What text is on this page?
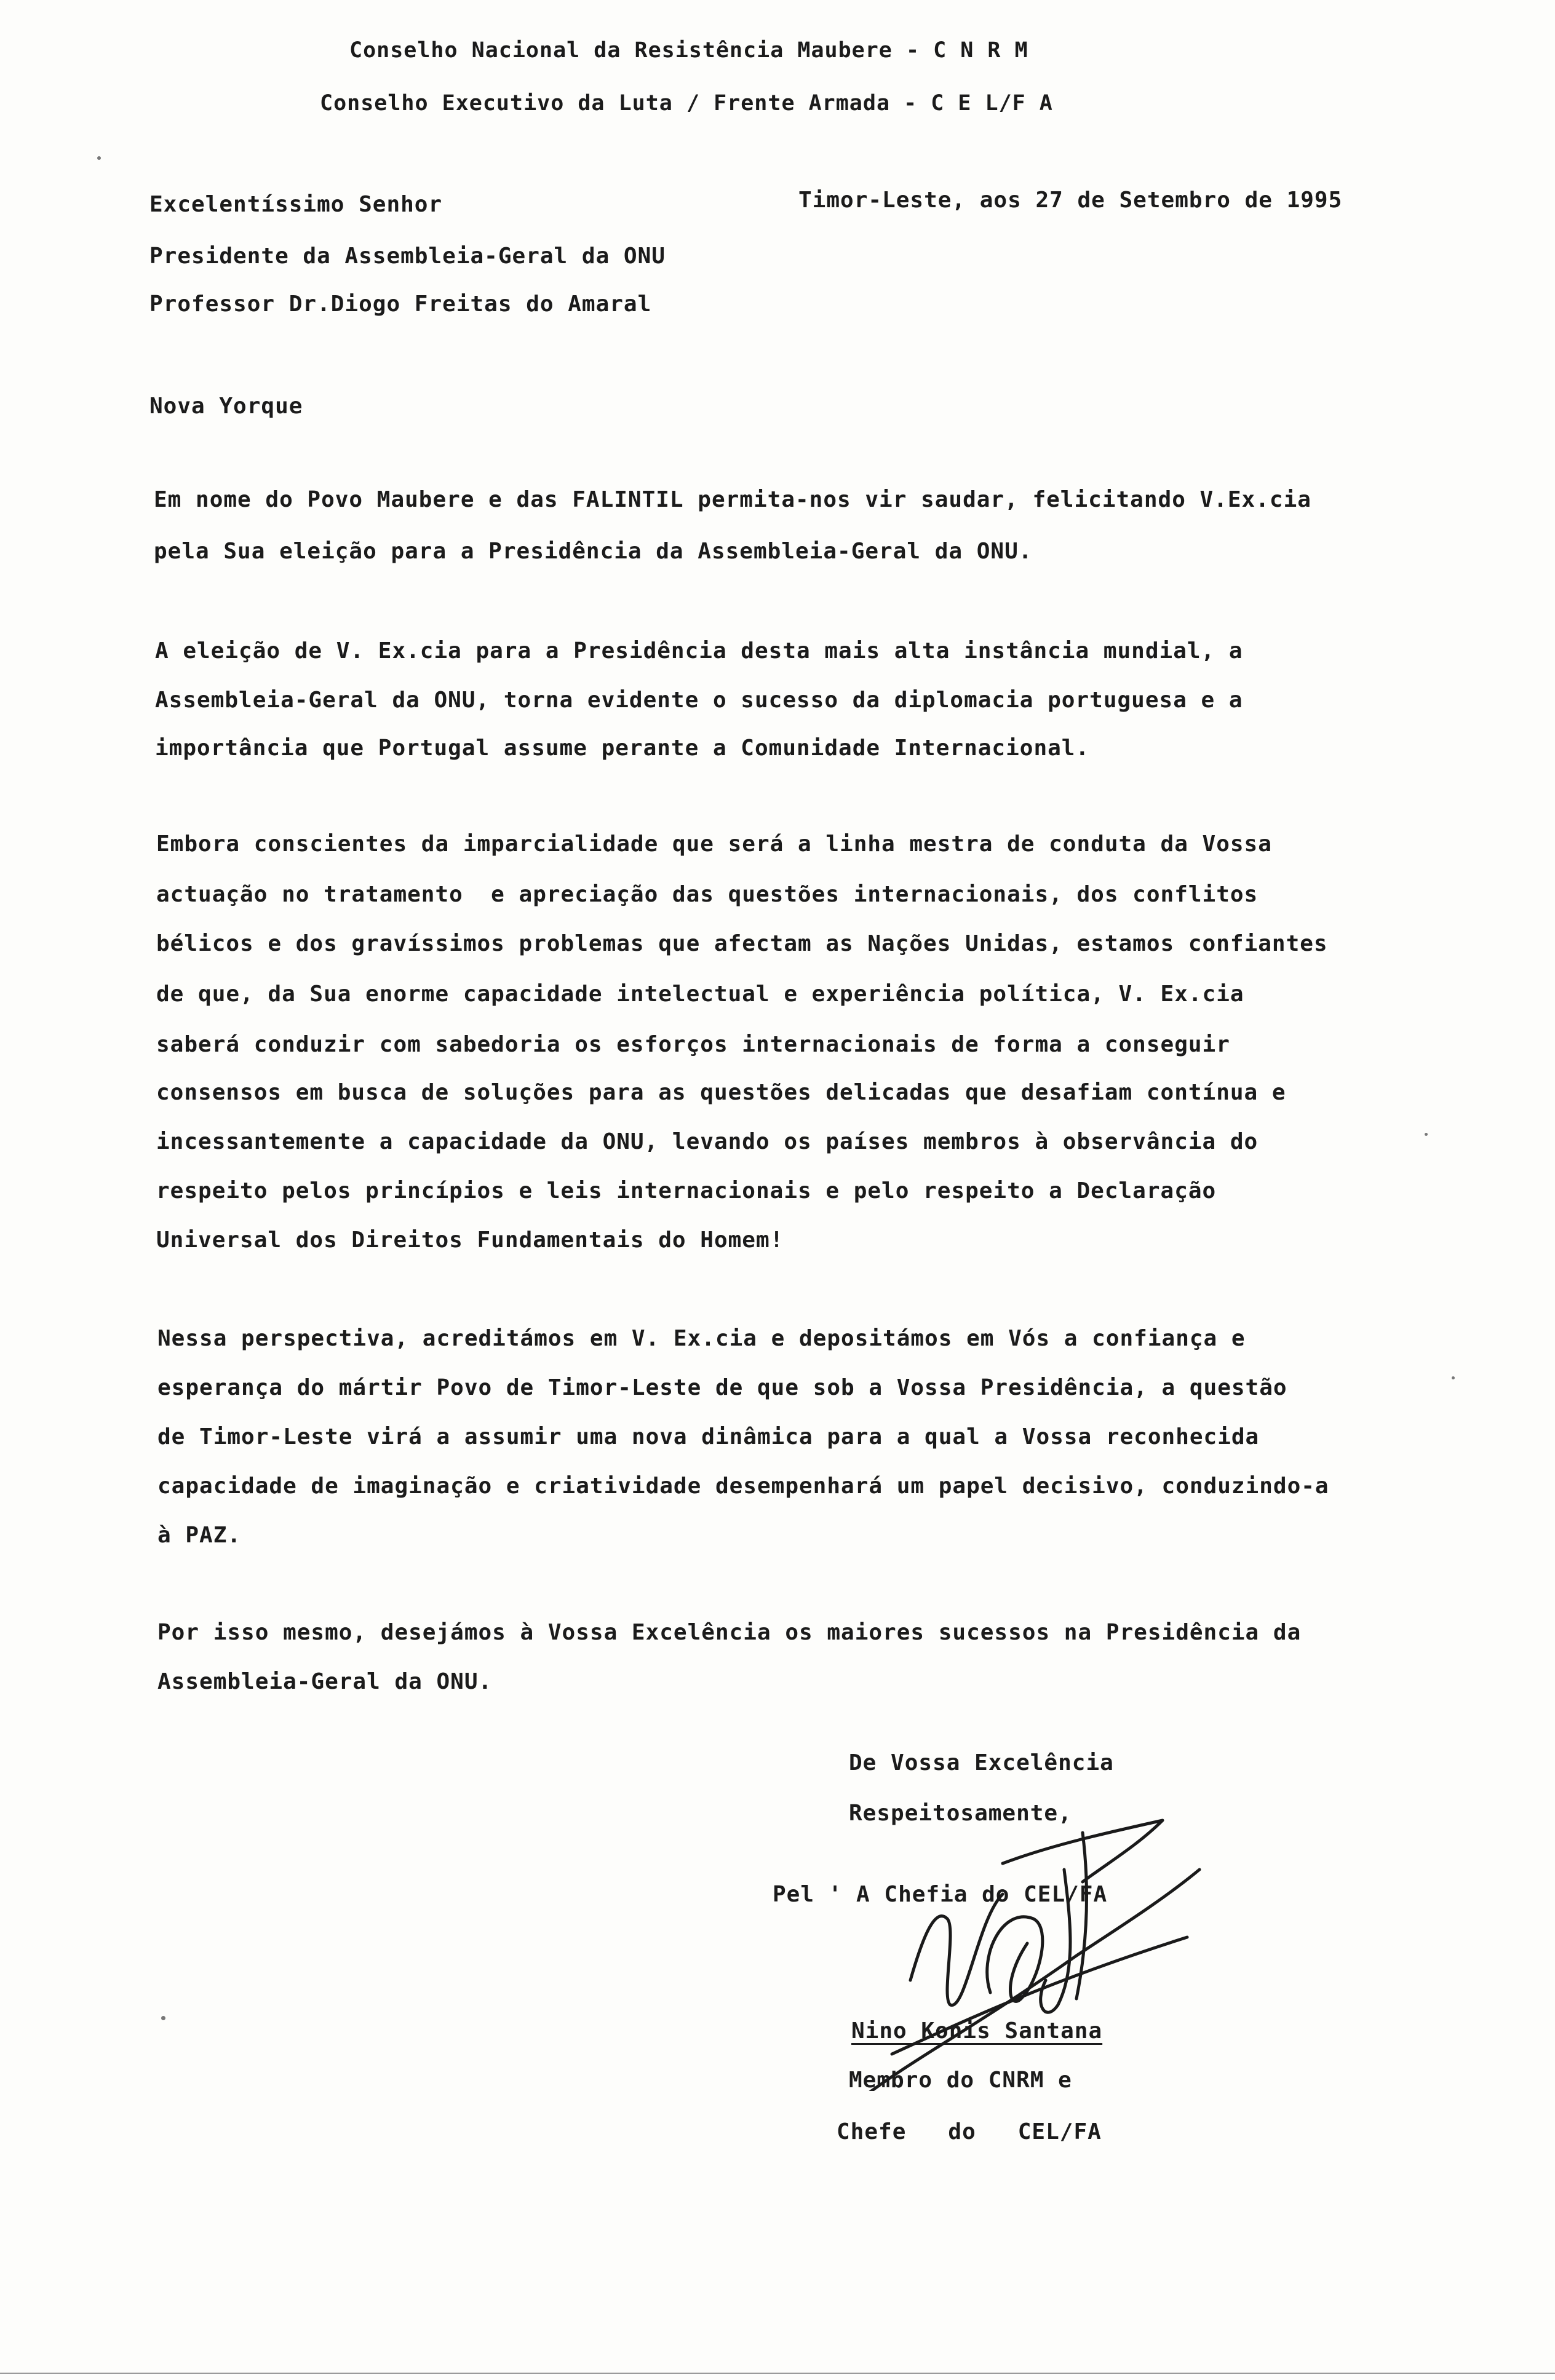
Conselho Nacional da Resistência Maubere - C N R M
Conselho Executivo da Luta / Frente Armada - C E L/F A
Excelentíssimo Senhor
Presidente da Assembleia-Geral da ONU
Professor Dr.Diogo Freitas do Amaral
Nova Yorque
Timor-Leste, aos 27 de Setembro de 1995
Em nome do Povo Maubere e das FALINTIL permita-nos vir saudar, felicitando V.Ex.cia
pela Sua eleição para a Presidência da Assembleia-Geral da ONU.
A eleição de V. Ex.cia para a Presidência desta mais alta instância mundial, a
Assembleia-Geral da ONU, torna evidente o sucesso da diplomacia portuguesa e a
importância que Portugal assume perante a Comunidade Internacional.
Embora conscientes da imparcialidade que será a linha mestra de conduta da Vossa
actuação no tratamento  e apreciação das questões internacionais, dos conflitos
bélicos e dos gravíssimos problemas que afectam as Nações Unidas, estamos confiantes
de que, da Sua enorme capacidade intelectual e experiência política, V. Ex.cia
saberá conduzir com sabedoria os esforços internacionais de forma a conseguir
consensos em busca de soluções para as questões delicadas que desafiam contínua e
incessantemente a capacidade da ONU, levando os países membros à observância do
respeito pelos princípios e leis internacionais e pelo respeito a Declaração
Universal dos Direitos Fundamentais do Homem!
Nessa perspectiva, acreditámos em V. Ex.cia e depositámos em Vós a confiança e
esperança do mártir Povo de Timor-Leste de que sob a Vossa Presidência, a questão
de Timor-Leste virá a assumir uma nova dinâmica para a qual a Vossa reconhecida
capacidade de imaginação e criatividade desempenhará um papel decisivo, conduzindo-a
à PAZ.
Por isso mesmo, desejámos à Vossa Excelência os maiores sucessos na Presidência da
Assembleia-Geral da ONU.
De Vossa Excelência
Respeitosamente,
Pel ' A Chefia do CEL/FA
Nino Konis Santana
Membro do CNRM e
Chefe   do   CEL/FA
